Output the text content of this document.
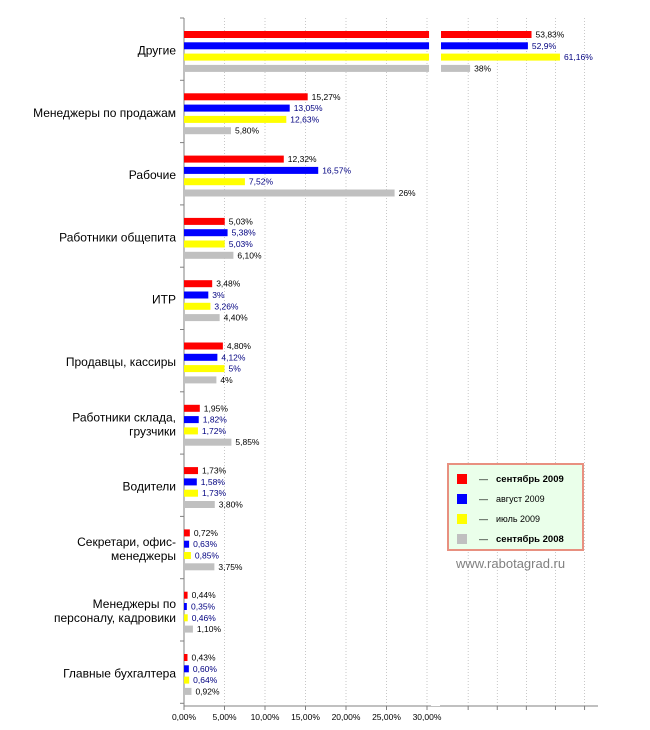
0,00% 5,00% 10,00% 15,00% 20,00% 25,00% 30,00%
Другие
Менеджеры по продажам
Рабочие
Работники общепита
ИТР
Продавцы, кассиры
Работники склада, грузчики
Водители
Секретари, офис-менеджеры
Менеджеры по персоналу, кадровики
Главные бухгалтера
53,83%
15,27%
12,32%
5,03%
3,48%
4,80%
1,95%
1,73%
0,72%
0,44%
0,43%
52,9%
13,05%
16,57%
5,38%
3%
4,12%
1,82%
1,58%
0,63%
0,35%
0,60%
61,16%
12,63%
7,52%
5,03%
3,26%
5%
1,72%
1,73%
0,85%
0,46%
0,64%
38%
5,80%
26%
6,10%
4,40%
4%
5,85%
3,80%
3,75%
1,10%
0,92%
— сентябрь 2009
— август 2009
— июль 2009
— сентябрь 2008
www.rabotagrad.ru
